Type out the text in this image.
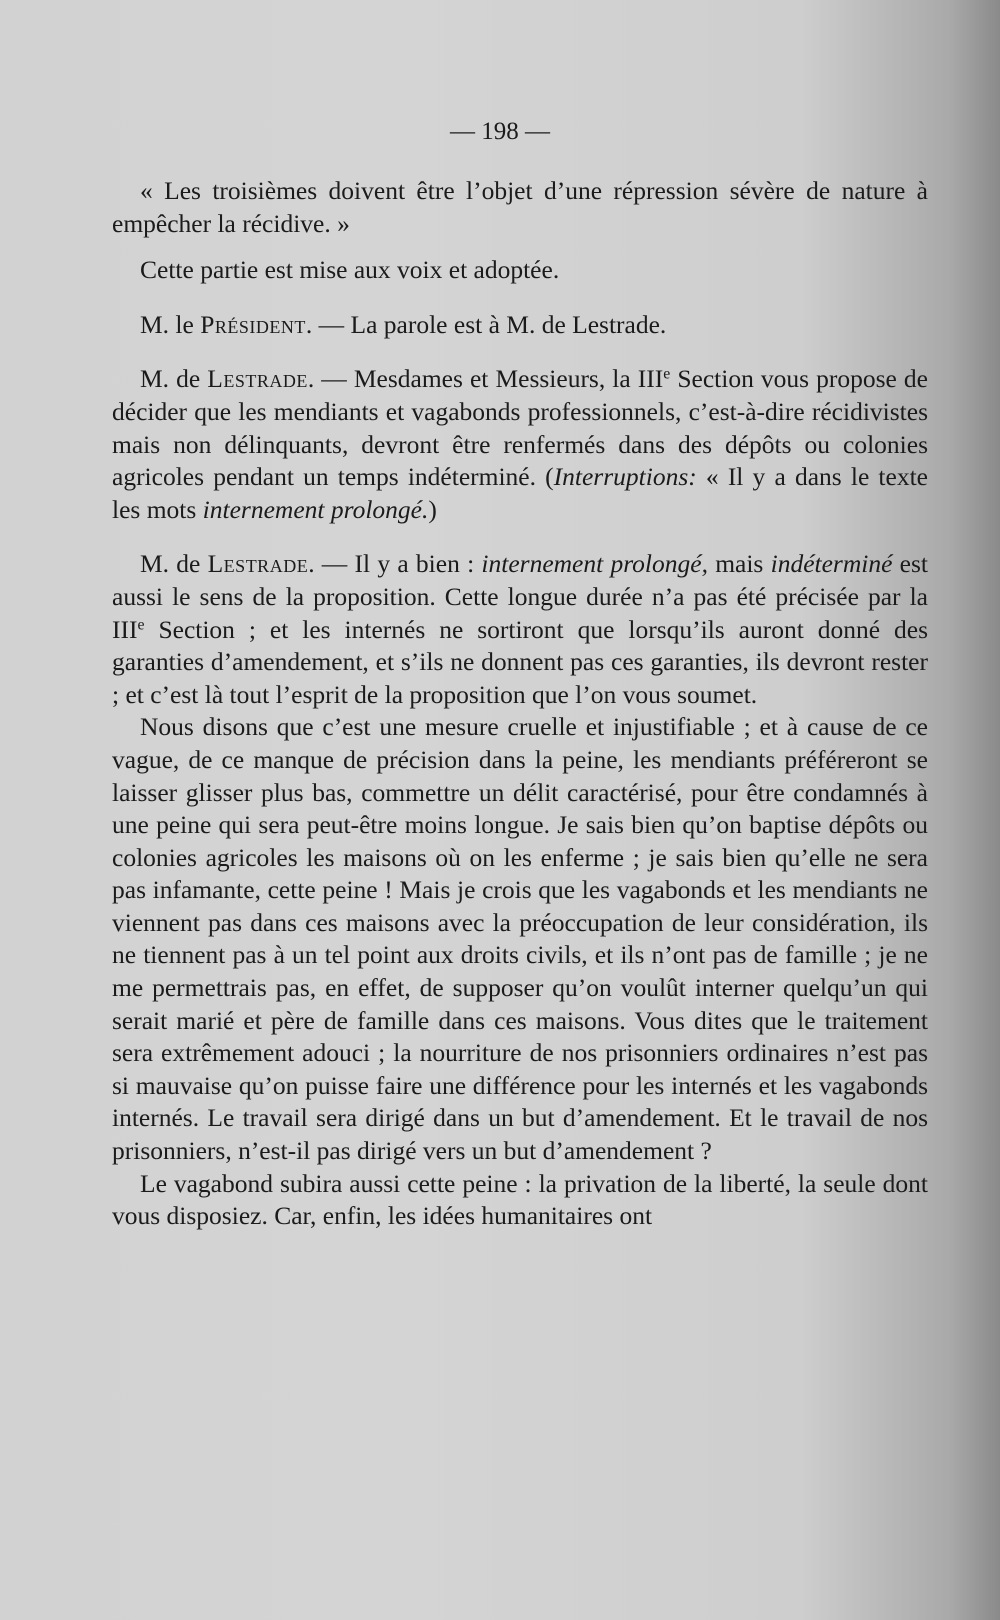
— 198 —

« Les troisièmes doivent être l’objet d’une répression sévère de nature à empêcher la récidive. »

Cette partie est mise aux voix et adoptée.

M. le Président. — La parole est à M. de Lestrade.

M. de Lestrade. — Mesdames et Messieurs, la IIIe Section vous propose de décider que les mendiants et vagabonds professionnels, c’est-à-dire récidivistes mais non délinquants, devront être renfermés dans des dépôts ou colonies agricoles pendant un temps indéterminé. (Interruptions: « Il y a dans le texte les mots internement prolongé.)

M. de Lestrade. — Il y a bien : internement prolongé, mais indéterminé est aussi le sens de la proposition. Cette longue durée n’a pas été précisée par la IIIe Section ; et les internés ne sortiront que lorsqu’ils auront donné des garanties d’amendement, et s’ils ne donnent pas ces garanties, ils devront rester ; et c’est là tout l’esprit de la proposition que l’on vous soumet.

Nous disons que c’est une mesure cruelle et injustifiable ; et à cause de ce vague, de ce manque de précision dans la peine, les mendiants préféreront se laisser glisser plus bas, commettre un délit caractérisé, pour être condamnés à une peine qui sera peut-être moins longue. Je sais bien qu’on baptise dépôts ou colonies agricoles les maisons où on les enferme ; je sais bien qu’elle ne sera pas infamante, cette peine ! Mais je crois que les vagabonds et les mendiants ne viennent pas dans ces maisons avec la préoccupation de leur considération, ils ne tiennent pas à un tel point aux droits civils, et ils n’ont pas de famille ; je ne me permettrais pas, en effet, de supposer qu’on voulût interner quelqu’un qui serait marié et père de famille dans ces maisons. Vous dites que le traitement sera extrêmement adouci ; la nourriture de nos prisonniers ordinaires n’est pas si mauvaise qu’on puisse faire une différence pour les internés et les vagabonds internés. Le travail sera dirigé dans un but d’amendement. Et le travail de nos prisonniers, n’est-il pas dirigé vers un but d’amendement ?

Le vagabond subira aussi cette peine : la privation de la liberté, la seule dont vous disposiez. Car, enfin, les idées humanitaires ont
